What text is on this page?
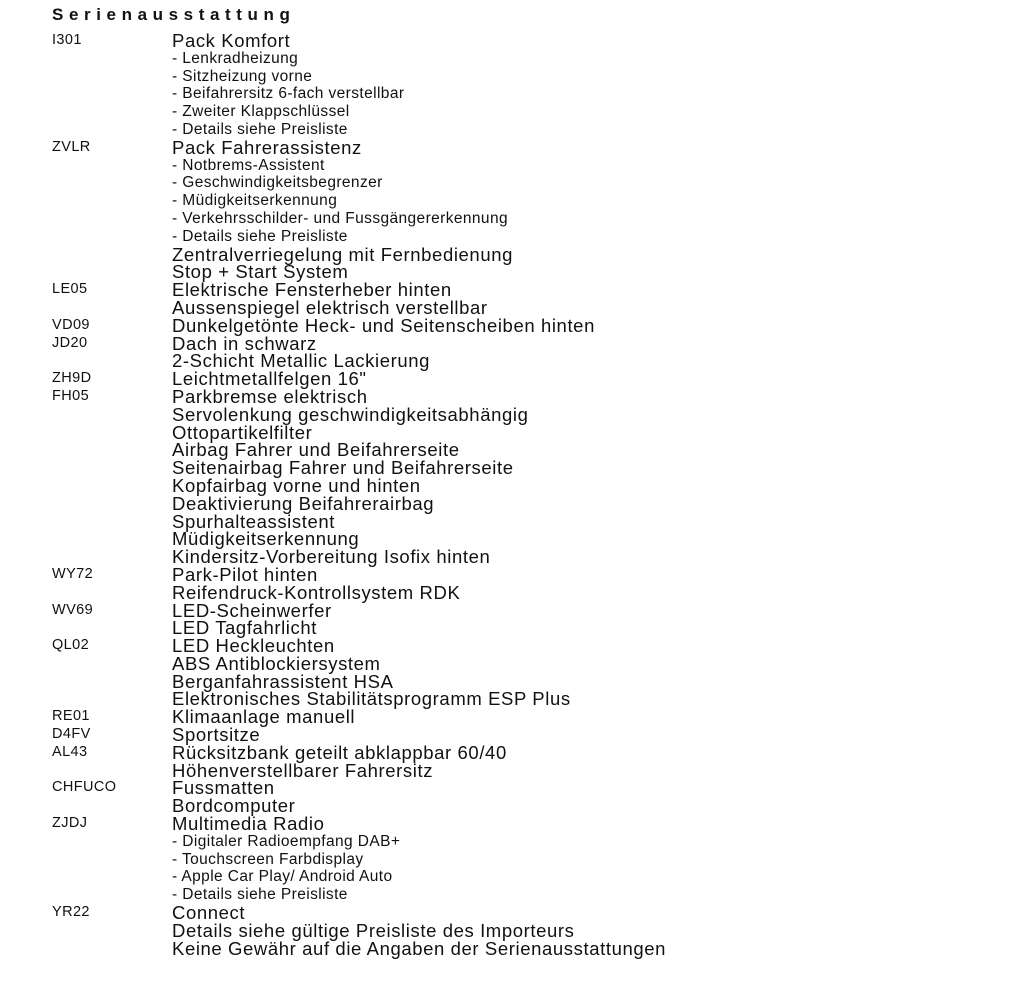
Serienausstattung
I301	Pack Komfort
- Lenkradheizung
- Sitzheizung vorne
- Beifahrersitz 6-fach verstellbar
- Zweiter Klappschlüssel
- Details siehe Preisliste
ZVLR	Pack Fahrerassistenz
- Notbrems-Assistent
- Geschwindigkeitsbegrenzer
- Müdigkeitserkennung
- Verkehrsschilder- und Fussgängererkennung
- Details siehe Preisliste
Zentralverriegelung mit Fernbedienung
Stop + Start System
LE05	Elektrische Fensterheber hinten
Aussenspiegel elektrisch verstellbar
VD09	Dunkelgetönte Heck- und Seitenscheiben hinten
JD20	Dach in schwarz
2-Schicht Metallic Lackierung
ZH9D	Leichtmetallfelgen 16"
FH05	Parkbremse elektrisch
Servolenkung geschwindigkeitsabhängig
Ottopartikelfilter
Airbag Fahrer und Beifahrerseite
Seitenairbag Fahrer und Beifahrerseite
Kopfairbag vorne und hinten
Deaktivierung Beifahrerairbag
Spurhalteassistent
Müdigkeitserkennung
Kindersitz-Vorbereitung Isofix hinten
WY72	Park-Pilot hinten
Reifendruck-Kontrollsystem RDK
WV69	LED-Scheinwerfer
LED Tagfahrlicht
QL02	LED Heckleuchten
ABS Antiblockiersystem
Berganfahrassistent HSA
Elektronisches Stabilitätsprogramm ESP Plus
RE01	Klimaanlage manuell
D4FV	Sportsitze
AL43	Rücksitzbank geteilt abklappbar 60/40
Höhenverstellbarer Fahrersitz
CHFUCO	Fussmatten
Bordcomputer
ZJDJ	Multimedia Radio
- Digitaler Radioempfang DAB+
- Touchscreen Farbdisplay
- Apple Car Play/ Android Auto
- Details siehe Preisliste
YR22	Connect
Details siehe gültige Preisliste des Importeurs
Keine Gewähr auf die Angaben der Serienausstattungen
